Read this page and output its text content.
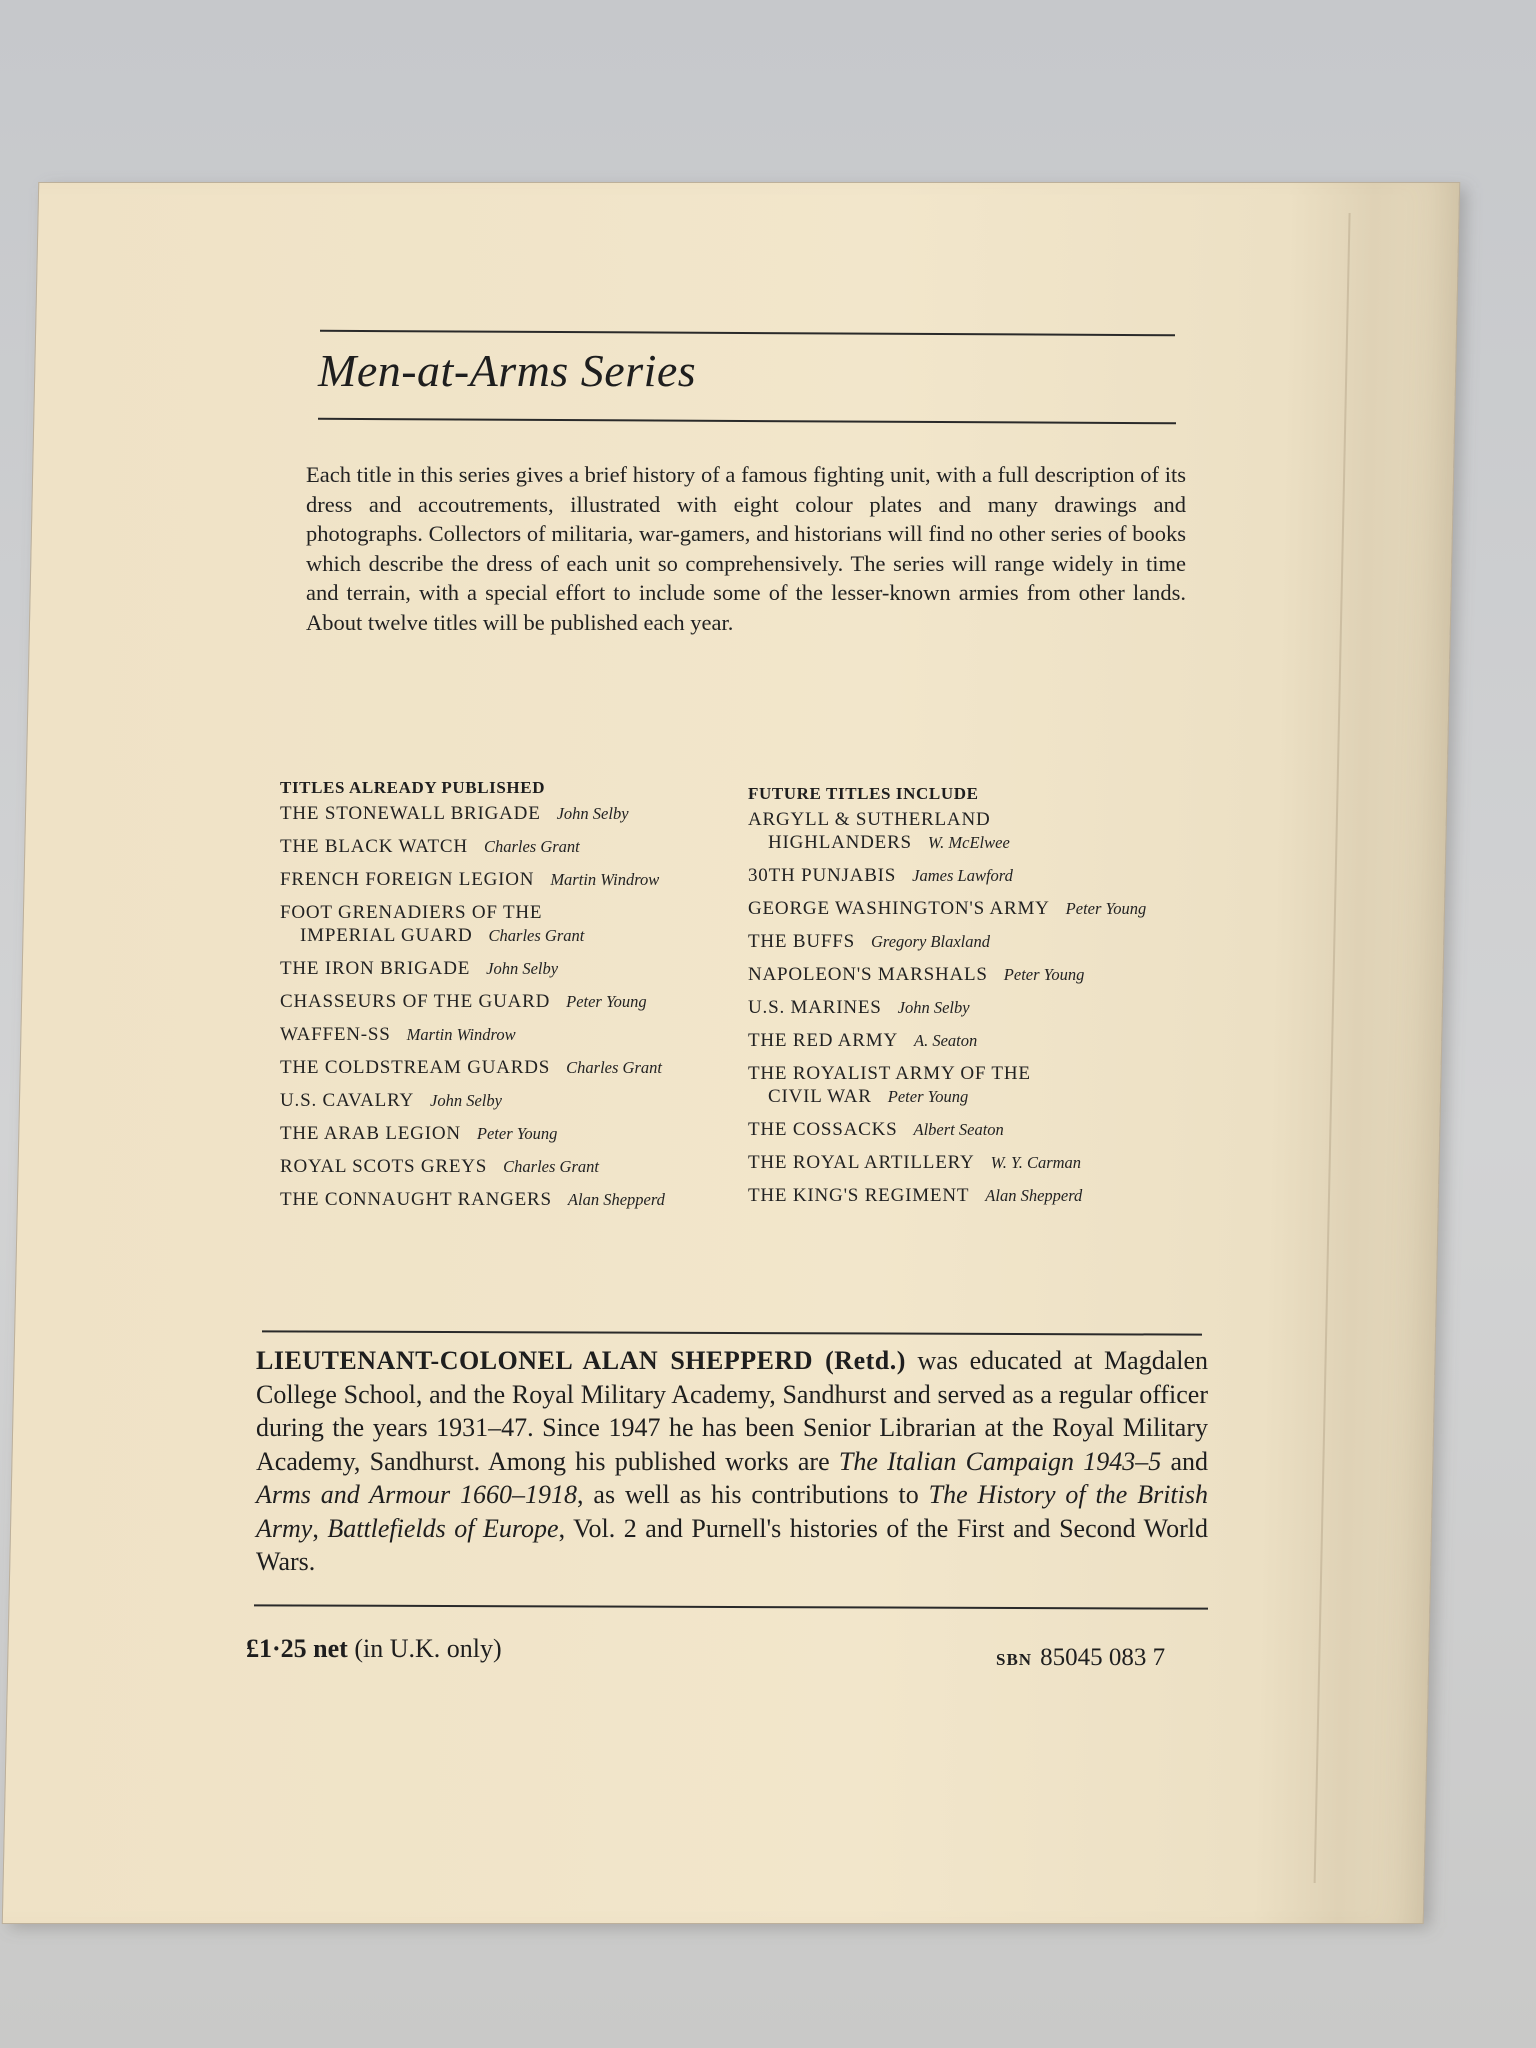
Men-at-Arms Series
Each title in this series gives a brief history of a famous fighting unit, with a full description of its dress and accoutrements, illustrated with eight colour plates and many drawings and photographs. Collectors of militaria, war-gamers, and historians will find no other series of books which describe the dress of each unit so comprehensively. The series will range widely in time and terrain, with a special effort to include some of the lesser-known armies from other lands. About twelve titles will be published each year.
TITLES ALREADY PUBLISHED
THE STONEWALL BRIGADE John Selby
THE BLACK WATCH Charles Grant
FRENCH FOREIGN LEGION Martin Windrow
FOOT GRENADIERS OF THE
IMPERIAL GUARD Charles Grant
THE IRON BRIGADE John Selby
CHASSEURS OF THE GUARD Peter Young
WAFFEN-SS Martin Windrow
THE COLDSTREAM GUARDS Charles Grant
U.S. CAVALRY John Selby
THE ARAB LEGION Peter Young
ROYAL SCOTS GREYS Charles Grant
THE CONNAUGHT RANGERS Alan Shepperd
FUTURE TITLES INCLUDE
ARGYLL & SUTHERLAND
HIGHLANDERS W. McElwee
30TH PUNJABIS James Lawford
GEORGE WASHINGTON'S ARMY Peter Young
THE BUFFS Gregory Blaxland
NAPOLEON'S MARSHALS Peter Young
U.S. MARINES John Selby
THE RED ARMY A. Seaton
THE ROYALIST ARMY OF THE
CIVIL WAR Peter Young
THE COSSACKS Albert Seaton
THE ROYAL ARTILLERY W. Y. Carman
THE KING'S REGIMENT Alan Shepperd
LIEUTENANT-COLONEL ALAN SHEPPERD (Retd.) was educated at Magdalen College School, and the Royal Military Academy, Sandhurst and served as a regular officer during the years 1931–47. Since 1947 he has been Senior Librarian at the Royal Military Academy, Sandhurst. Among his published works are The Italian Campaign 1943–5 and Arms and Armour 1660–1918, as well as his contributions to The History of the British Army, Battlefields of Europe, Vol. 2 and Purnell's histories of the First and Second World Wars.
£1·25 net (in U.K. only)	SBN 85045 083 7
